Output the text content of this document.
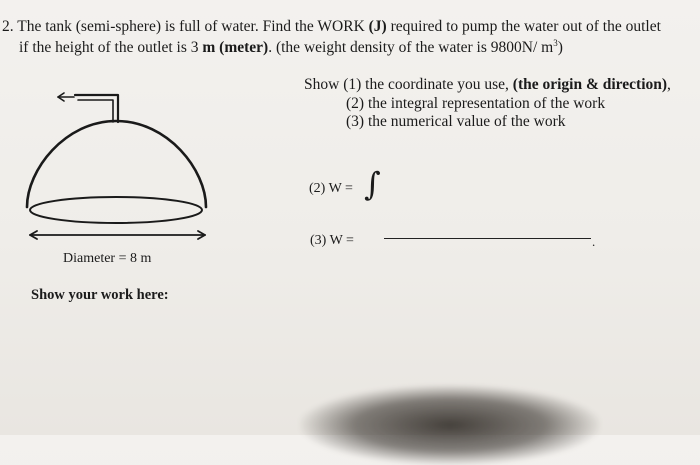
2. The tank (semi-sphere) is full of water. Find the WORK (J) required to pump the water out of the outlet
if the height of the outlet is 3 m (meter). (the weight density of the water is 9800N/ $m^3$)
Show (1) the coordinate you use, (the origin & direction),
(2) the integral representation of the work
(3) the numerical value of the work
(2) W = ∫
(3) W =	.
Diameter = 8 m
Show your work here:
